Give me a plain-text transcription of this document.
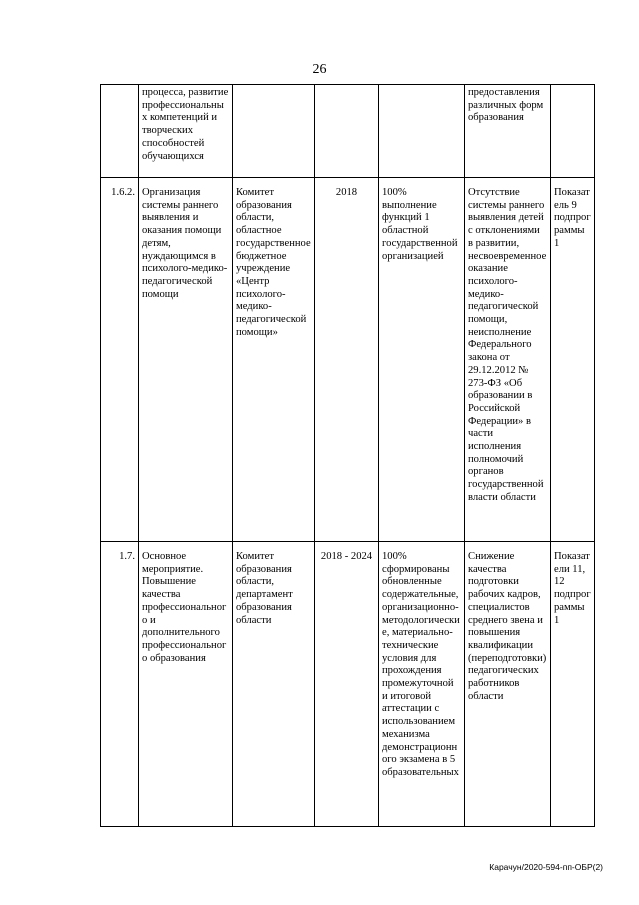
26
	процесса, развитие профессиональных компетенций и творческих способностей обучающихся				предоставления различных форм образования	
1.6.2.	Организация системы раннего выявления и оказания помощи детям, нуждающимся в психолого-медико-педагогической помощи	Комитет образования области, областное государственное бюджетное учреждение «Центр психолого-медико-педагогической помощи»	2018	100% выполнение функций 1 областной государственной организацией	Отсутствие системы раннего выявления детей с отклонениями в развитии, несвоевременное оказание психолого-медико-педагогической помощи, неисполнение Федерального закона от 29.12.2012 № 273-ФЗ «Об образовании в Российской Федерации» в части исполнения полномочий органов государственной власти области	Показатель 9 подпрограммы 1
1.7.	Основное мероприятие. Повышение качества профессионального и дополнительного профессионального образования	Комитет образования области, департамент образования области	2018 - 2024	100% сформированы обновленные содержательные, организационно-методологические, материально-технические условия для прохождения промежуточной и итоговой аттестации с использованием механизма демонстрационного экзамена в 5 образовательных	Снижение качества подготовки рабочих кадров, специалистов среднего звена и повышения квалификации (переподготовки) педагогических работников области	Показатели 11, 12 подпрограммы 1
Карачун/2020-594-пп-ОБР(2)
